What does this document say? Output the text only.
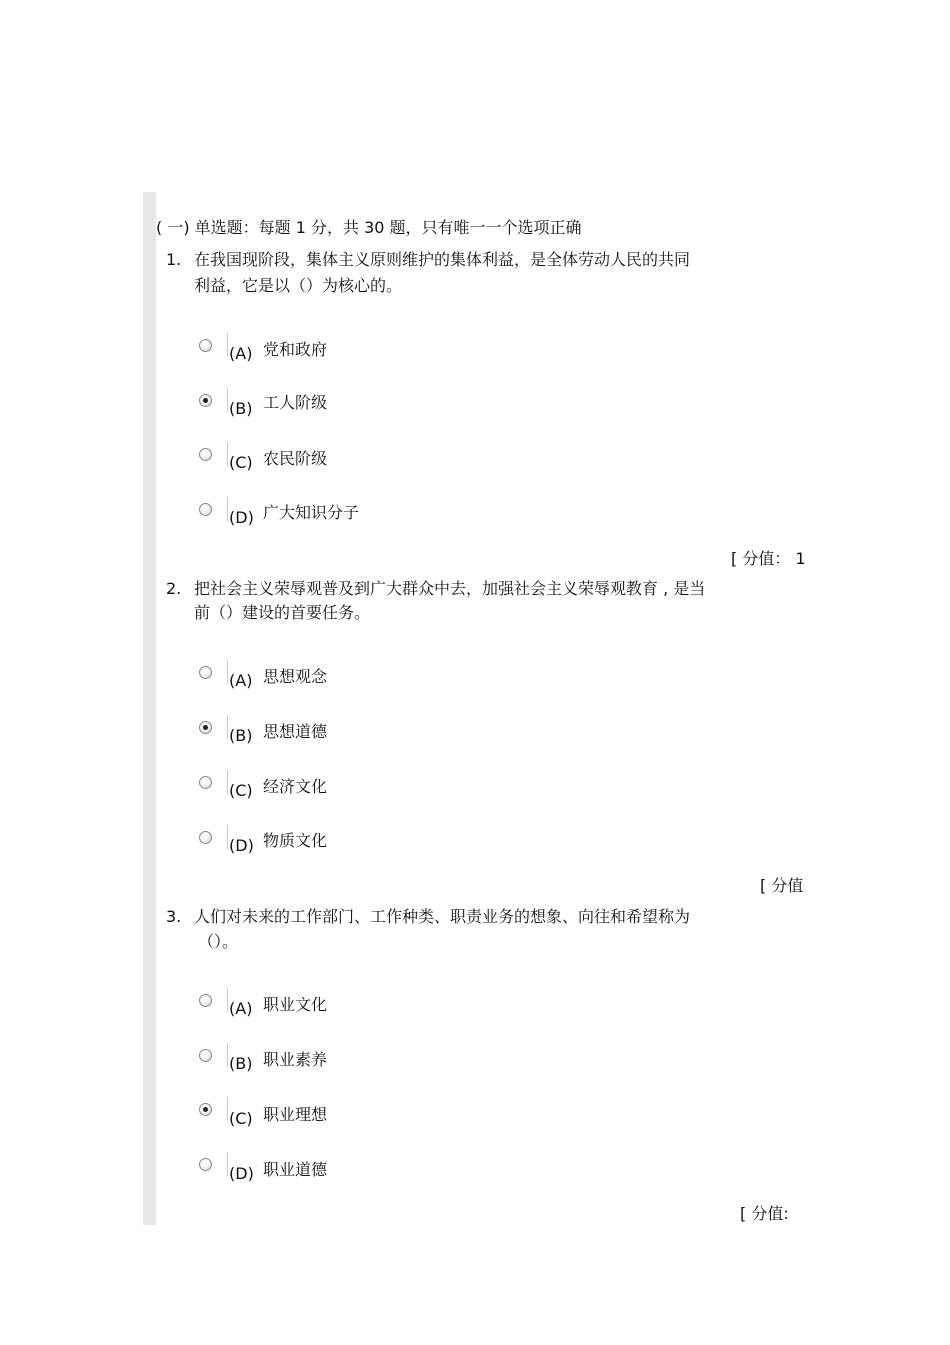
( 一) 单选题：每题 1 分，共 30 题，只有唯一一个选项正确
1. 在我国现阶段，集体主义原则维护的集体利益，是全体劳动人民的共同
利益，它是以（）为核心的。
(A) 党和政府
(B) 工人阶级
(C) 农民阶级
(D) 广大知识分子
[ 分值： 1
2. 把社会主义荣辱观普及到广大群众中去，加强社会主义荣辱观教育 , 是当
前（）建设的首要任务。
(A) 思想观念
(B) 思想道德
(C) 经济文化
(D) 物质文化
[ 分值
3. 人们对未来的工作部门、工作种类、职责业务的想象、向往和希望称为
（）。
(A) 职业文化
(B) 职业素养
(C) 职业理想
(D) 职业道德
[ 分值:
